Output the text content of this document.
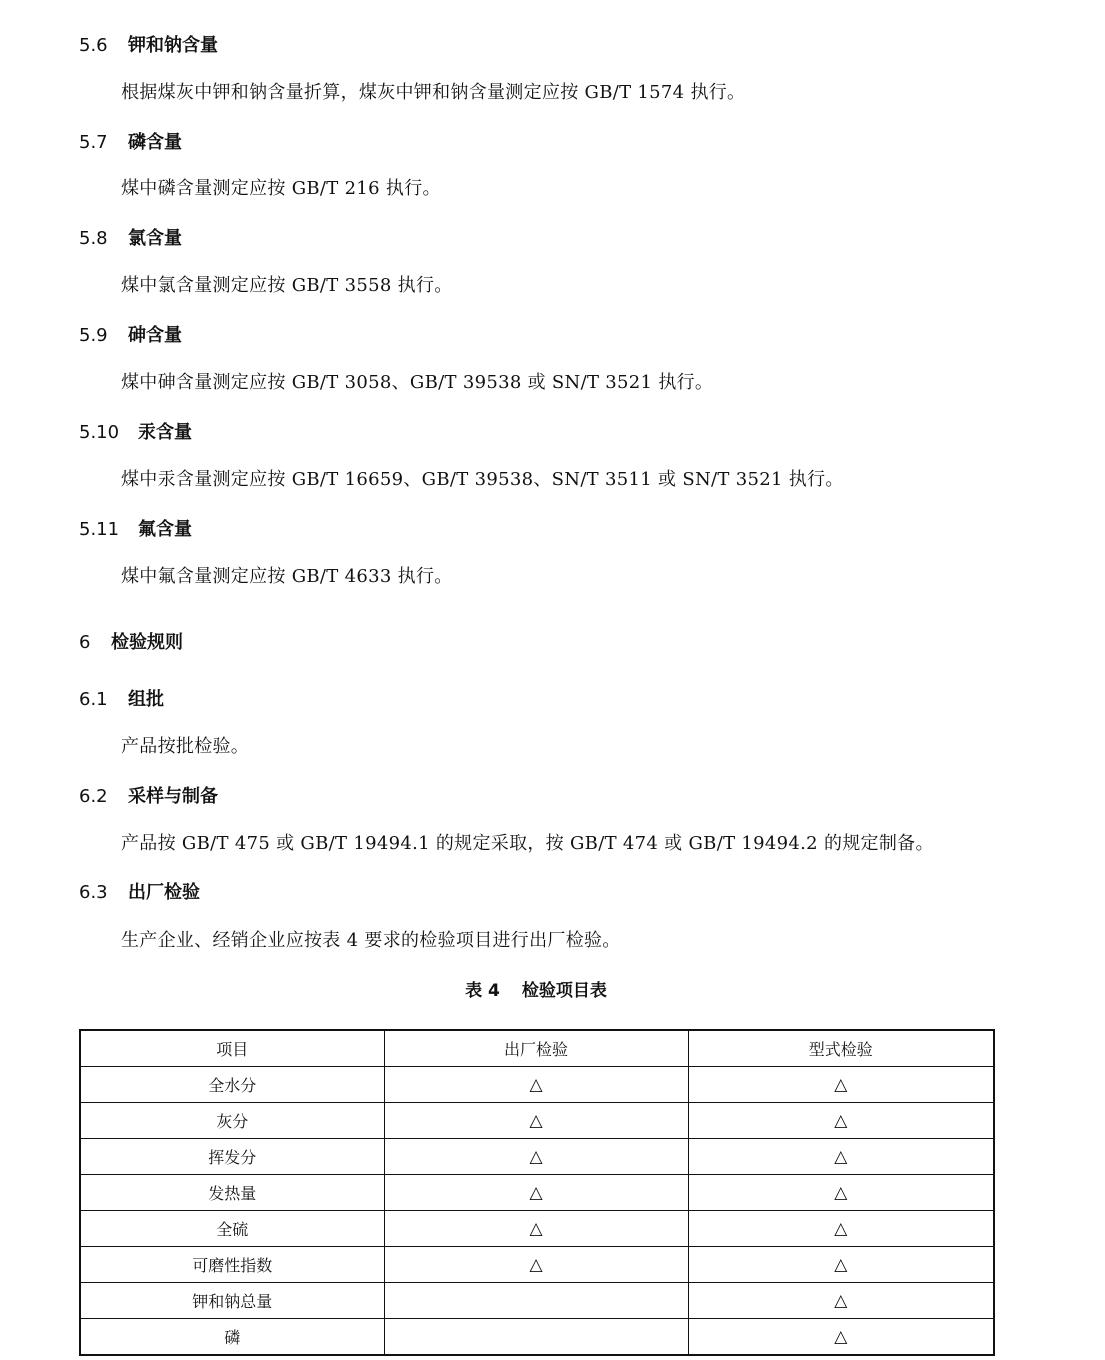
5.6 钾和钠含量
根据煤灰中钾和钠含量折算，煤灰中钾和钠含量测定应按 GB/T 1574 执行。
5.7 磷含量
煤中磷含量测定应按 GB/T 216 执行。
5.8 氯含量
煤中氯含量测定应按 GB/T 3558 执行。
5.9 砷含量
煤中砷含量测定应按 GB/T 3058、GB/T 39538 或 SN/T 3521 执行。
5.10 汞含量
煤中汞含量测定应按 GB/T 16659、GB/T 39538、SN/T 3511 或 SN/T 3521 执行。
5.11 氟含量
煤中氟含量测定应按 GB/T 4633 执行。
6 检验规则
6.1 组批
产品按批检验。
6.2 采样与制备
产品按 GB/T 475 或 GB/T 19494.1 的规定采取，按 GB/T 474 或 GB/T 19494.2 的规定制备。
6.3 出厂检验
生产企业、经销企业应按表 4 要求的检验项目进行出厂检验。
表 4 检验项目表
项目	出厂检验	型式检验
全水分	△	△
灰分	△	△
挥发分	△	△
发热量	△	△
全硫	△	△
可磨性指数	△	△
钾和钠总量		△
磷		△
